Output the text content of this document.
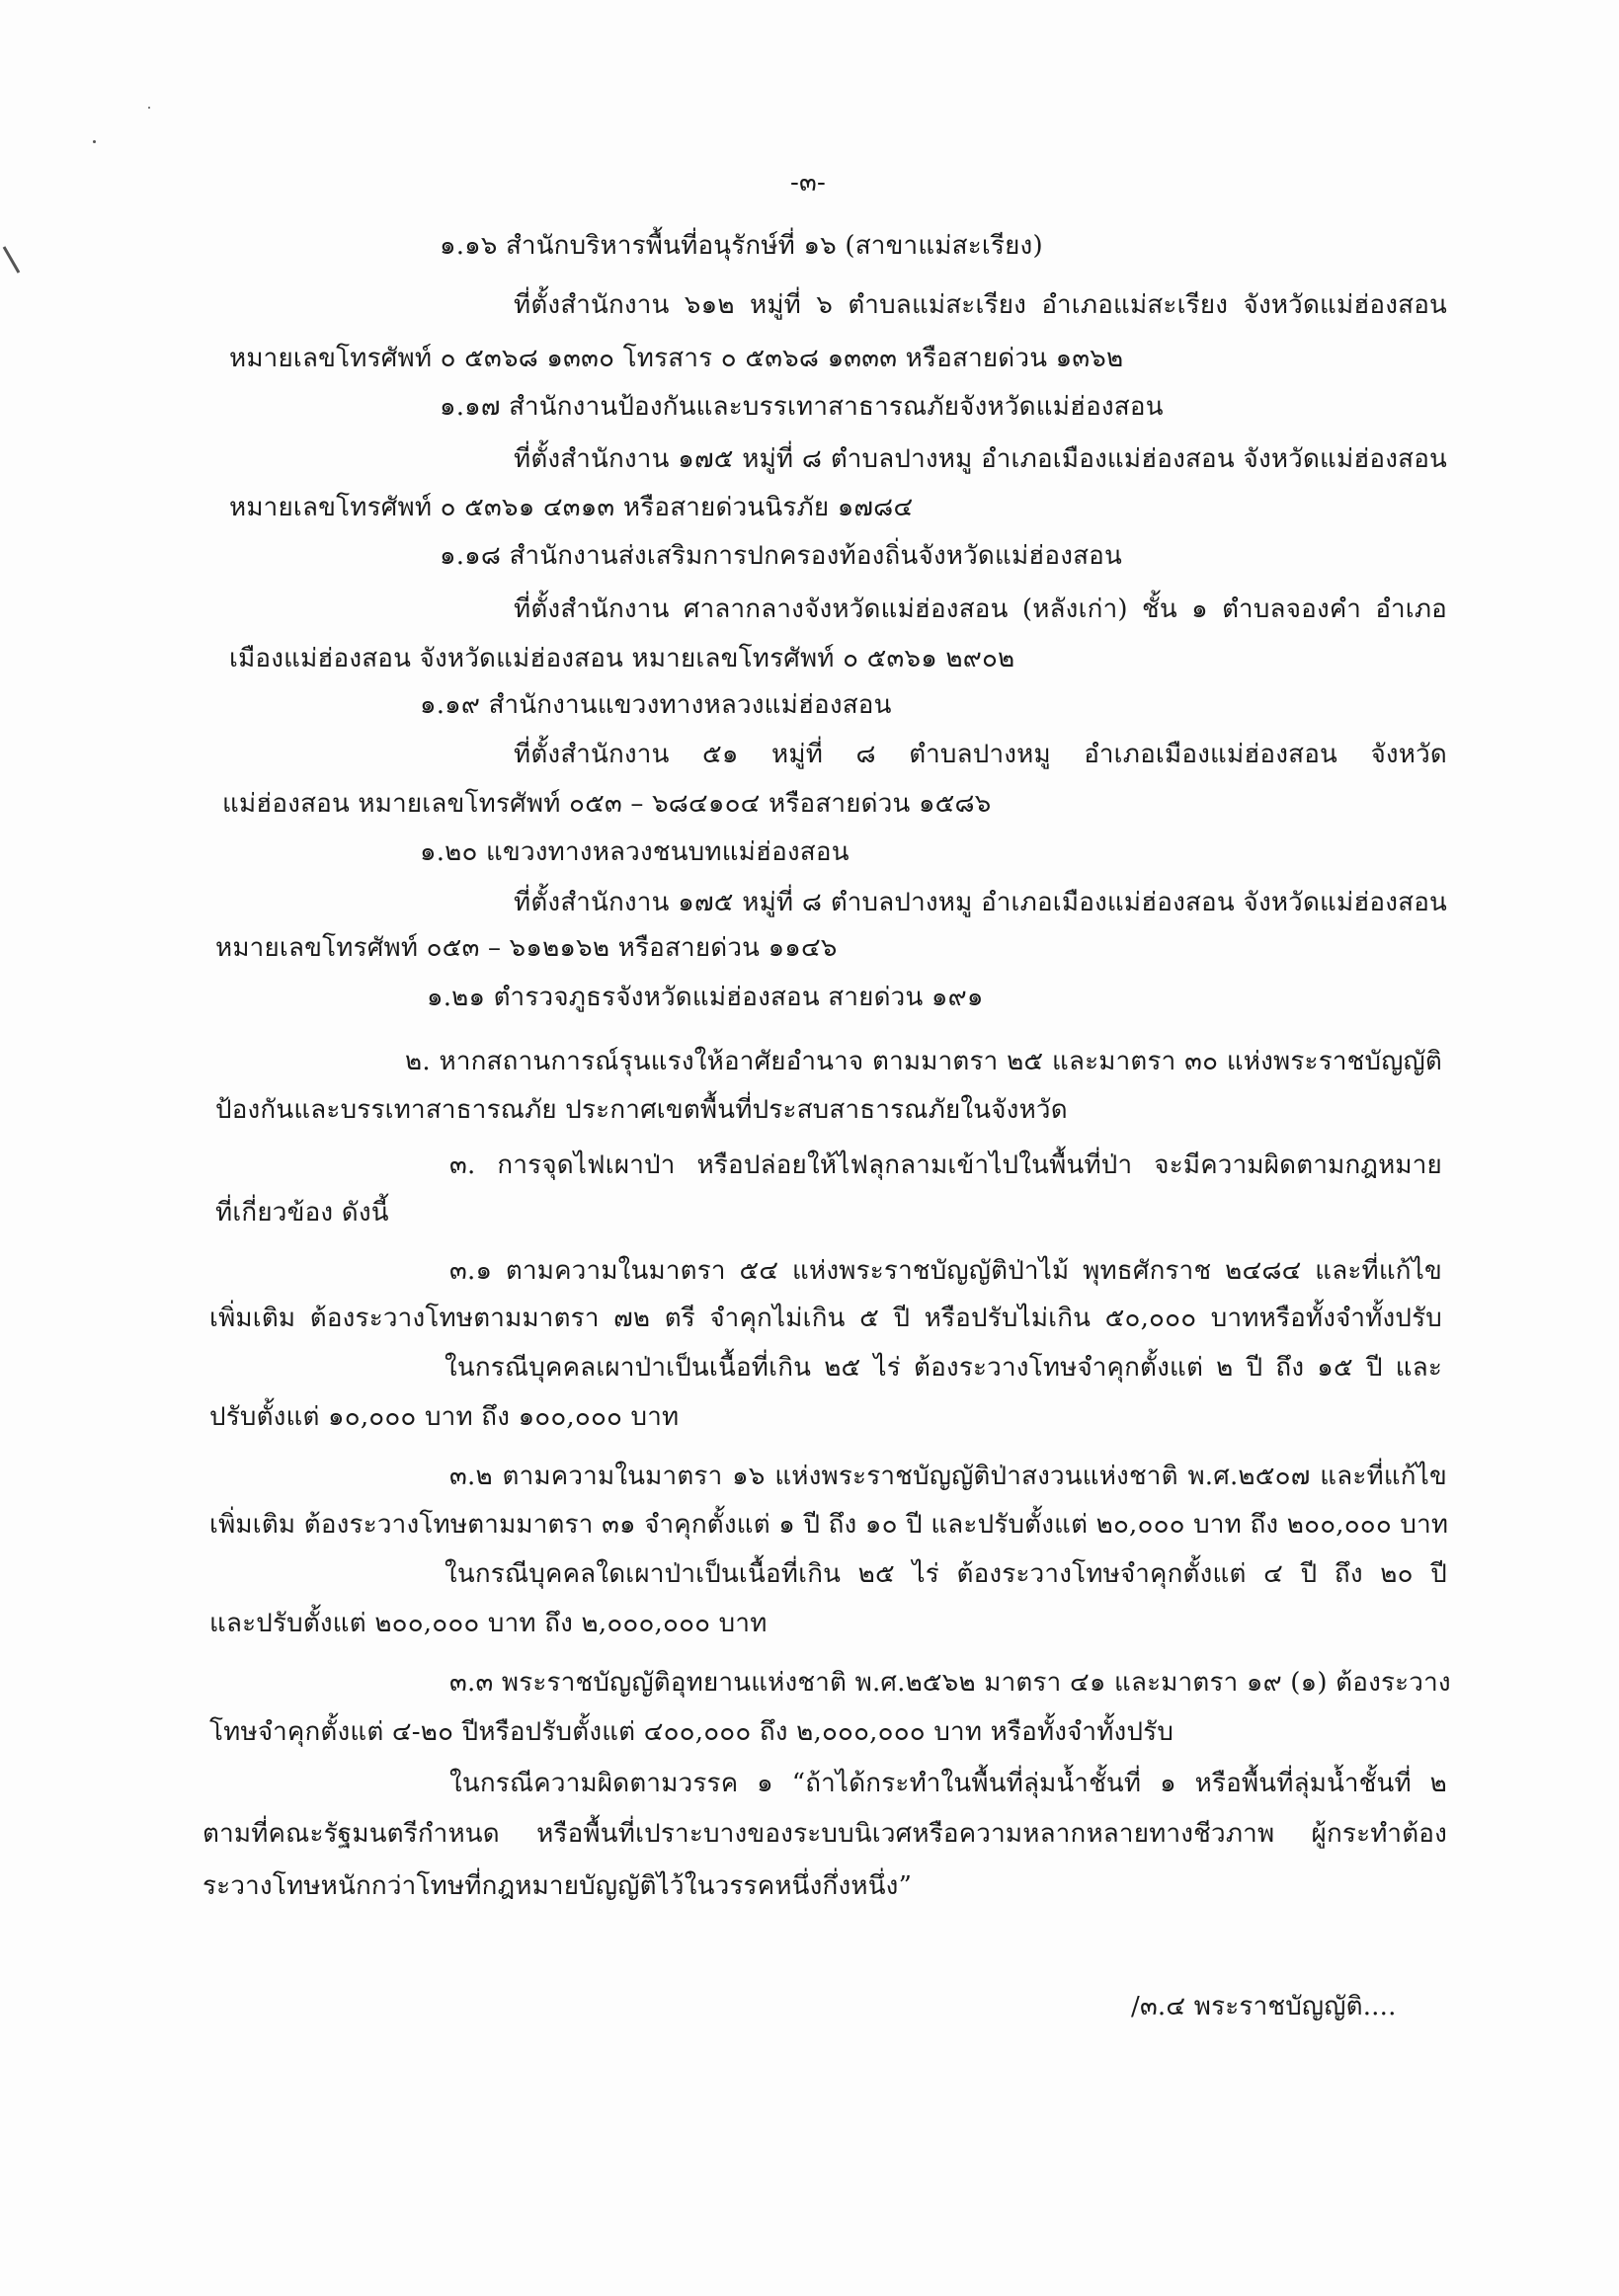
-๓-
๑.๑๖ สำนักบริหารพื้นที่อนุรักษ์ที่ ๑๖ (สาขาแม่สะเรียง)
ที่ตั้งสำนักงาน ๖๑๒ หมู่ที่ ๖ ตำบลแม่สะเรียง อำเภอแม่สะเรียง จังหวัดแม่ฮ่องสอน
หมายเลขโทรศัพท์ ๐ ๕๓๖๘ ๑๓๓๐ โทรสาร ๐ ๕๓๖๘ ๑๓๓๓ หรือสายด่วน ๑๓๖๒
๑.๑๗ สำนักงานป้องกันและบรรเทาสาธารณภัยจังหวัดแม่ฮ่องสอน
ที่ตั้งสำนักงาน ๑๗๕ หมู่ที่ ๘ ตำบลปางหมู อำเภอเมืองแม่ฮ่องสอน จังหวัดแม่ฮ่องสอน
หมายเลขโทรศัพท์ ๐ ๕๓๖๑ ๔๓๑๓ หรือสายด่วนนิรภัย ๑๗๘๔
๑.๑๘ สำนักงานส่งเสริมการปกครองท้องถิ่นจังหวัดแม่ฮ่องสอน
ที่ตั้งสำนักงาน ศาลากลางจังหวัดแม่ฮ่องสอน (หลังเก่า) ชั้น ๑ ตำบลจองคำ อำเภอ
เมืองแม่ฮ่องสอน จังหวัดแม่ฮ่องสอน หมายเลขโทรศัพท์ ๐ ๕๓๖๑ ๒๙๐๒
๑.๑๙ สำนักงานแขวงทางหลวงแม่ฮ่องสอน
ที่ตั้งสำนักงาน ๕๑ หมู่ที่ ๘ ตำบลปางหมู อำเภอเมืองแม่ฮ่องสอน จังหวัด
แม่ฮ่องสอน หมายเลขโทรศัพท์ ๐๕๓ – ๖๘๔๑๐๔ หรือสายด่วน ๑๕๘๖
๑.๒๐ แขวงทางหลวงชนบทแม่ฮ่องสอน
ที่ตั้งสำนักงาน ๑๗๕ หมู่ที่ ๘ ตำบลปางหมู อำเภอเมืองแม่ฮ่องสอน จังหวัดแม่ฮ่องสอน
หมายเลขโทรศัพท์ ๐๕๓ – ๖๑๒๑๖๒ หรือสายด่วน ๑๑๔๖
๑.๒๑ ตำรวจภูธรจังหวัดแม่ฮ่องสอน สายด่วน ๑๙๑
๒. หากสถานการณ์รุนแรงให้อาศัยอำนาจ ตามมาตรา ๒๕ และมาตรา ๓๐ แห่งพระราชบัญญัติ
ป้องกันและบรรเทาสาธารณภัย ประกาศเขตพื้นที่ประสบสาธารณภัยในจังหวัด
๓. การจุดไฟเผาป่า หรือปล่อยให้ไฟลุกลามเข้าไปในพื้นที่ป่า จะมีความผิดตามกฎหมาย
ที่เกี่ยวข้อง ดังนี้
๓.๑ ตามความในมาตรา ๕๔ แห่งพระราชบัญญัติป่าไม้ พุทธศักราช ๒๔๘๔ และที่แก้ไข
เพิ่มเติม ต้องระวางโทษตามมาตรา ๗๒ ตรี จำคุกไม่เกิน ๕ ปี หรือปรับไม่เกิน ๕๐,๐๐๐ บาทหรือทั้งจำทั้งปรับ
ในกรณีบุคคลเผาป่าเป็นเนื้อที่เกิน ๒๕ ไร่ ต้องระวางโทษจำคุกตั้งแต่ ๒ ปี ถึง ๑๕ ปี และ
ปรับตั้งแต่ ๑๐,๐๐๐ บาท ถึง ๑๐๐,๐๐๐ บาท
๓.๒ ตามความในมาตรา ๑๖ แห่งพระราชบัญญัติป่าสงวนแห่งชาติ พ.ศ.๒๕๐๗ และที่แก้ไข
เพิ่มเติม ต้องระวางโทษตามมาตรา ๓๑ จำคุกตั้งแต่ ๑ ปี ถึง ๑๐ ปี และปรับตั้งแต่ ๒๐,๐๐๐ บาท ถึง ๒๐๐,๐๐๐ บาท
ในกรณีบุคคลใดเผาป่าเป็นเนื้อที่เกิน ๒๕ ไร่ ต้องระวางโทษจำคุกตั้งแต่ ๔ ปี ถึง ๒๐ ปี
และปรับตั้งแต่ ๒๐๐,๐๐๐ บาท ถึง ๒,๐๐๐,๐๐๐ บาท
๓.๓ พระราชบัญญัติอุทยานแห่งชาติ พ.ศ.๒๕๖๒ มาตรา ๔๑ และมาตรา ๑๙ (๑) ต้องระวาง
โทษจำคุกตั้งแต่ ๔-๒๐ ปีหรือปรับตั้งแต่ ๔๐๐,๐๐๐ ถึง ๒,๐๐๐,๐๐๐ บาท หรือทั้งจำทั้งปรับ
ในกรณีความผิดตามวรรค ๑ “ถ้าได้กระทำในพื้นที่ลุ่มน้ำชั้นที่ ๑ หรือพื้นที่ลุ่มน้ำชั้นที่ ๒
ตามที่คณะรัฐมนตรีกำหนด หรือพื้นที่เปราะบางของระบบนิเวศหรือความหลากหลายทางชีวภาพ ผู้กระทำต้อง
ระวางโทษหนักกว่าโทษที่กฎหมายบัญญัติไว้ในวรรคหนึ่งกึ่งหนึ่ง”
/๓.๔ พระราชบัญญัติ....
